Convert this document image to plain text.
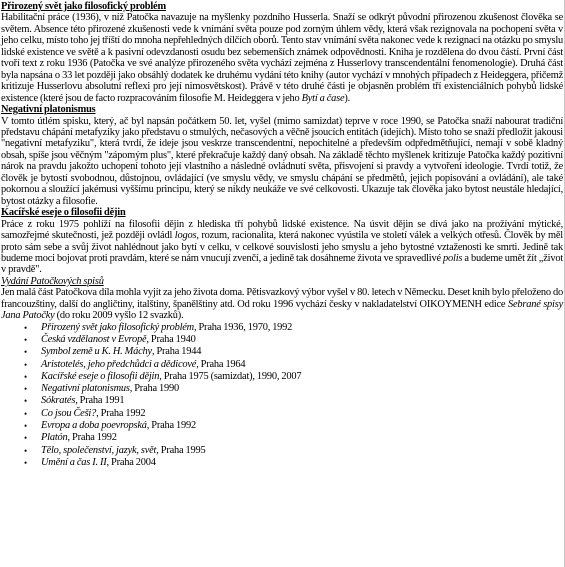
Přirozený svět jako filosofický problém

Habilitační práce (1936), v níž Patočka navazuje na myšlenky pozdního Husserla. Snaží se odkrýt původní přirozenou zkušenost člověka se světem. Absence této přirozené zkušenosti vede k vnímání světa pouze pod zorným úhlem vědy, která však rezignovala na pochopení světa v jeho celku, místo toho jej tříští do mnoha nepřehledných dílčích oborů. Tento stav vnímání světa nakonec vede k rezignaci na otázku po smyslu lidské existence ve světě a k pasivní odevzdanosti osudu bez sebemenších známek odpovědnosti. Kniha je rozdělena do dvou částí. První část tvoří text z roku 1936 (Patočka ve své analýze přirozeného světa vychází zejména z Husserlovy transcendentální fenomenologie). Druhá část byla napsána o 33 let později jako obsáhlý dodatek ke druhému vydání této knihy (autor vychází v mnohých případech z Heideggera, přičemž kritizuje Husserlovu absolutní reflexi pro její nimosvětskost). Právě v této druhé části je objasněn problém tří existenciálních pohybů lidské existence (které jsou de facto rozpracováním filosofie M. Heideggera v jeho Bytí a čase).

Negativní platonismus

V tomto útlém spisku, který, ač byl napsán počátkem 50. let, vyšel (mimo samizdat) teprve v roce 1990, se Patočka snaží nabourat tradiční představu chápání metafyziky jako představu o stmulých, nečasových a věčně jsoucích entitách (idejích). Místo toho se snaží předložit jakousi "negativní metafyziku", která tvrdí, že ideje jsou veskrze transcendentní, nepochitelné a především odpředmětňující, nemají v sobě kladný obsah, spíše jsou věčným "zápomým plus", které překračuje každý daný obsah. Na základě těchto myšlenek kritizuje Patočka každý pozitivní nárok na pravdu jakožto uchopení tohoto její vlastního a následné ovládnutí světa, přisvojení si pravdy a vytvoření ideologie. Tvrdí totiž, že člověk je bytostí svobodnou, důstojnou, ovládající (ve smyslu vědy, ve smyslu chápání se předmětů, jejich popisování a ovládání), ale také pokornou a sloužící jakémusi vyššímu principu, který se nikdy neukáže ve své celkovosti. Ukazuje tak člověka jako bytost neustále hledající, bytost otázky a filosofie.

Kacířské eseje o filosofii dějin

Práce z roku 1975 pohlíží na filosofii dějin z hlediska tří pohybů lidské existence. Na úsvit dějin se dívá jako na prožívání mýtické, samozřejmé skutečnosti, jež později ovládl logos, rozum, racionalita, která nakonec vyústila ve století válek a velkých otřesů. Člověk by měl proto sám sebe a svůj život nahlédnout jako bytí v celku, v celkové souvislosti jeho smyslu a jeho bytostné vztaženosti ke smrti. Jedině tak budeme moci bojovat proti pravdám, které se nám vnucují zvenčí, a jedině tak dosáhneme života ve spravedlivé polis a budeme umět žít „život v pravdě".

Vydání Patočkových spisů

Jen malá část Patočkova díla mohla vyjít za jeho života doma. Pětisvazkový výbor vyšel v 80. letech v Německu. Deset knih bylo přeloženo do francouzštiny, další do angličtiny, italštiny, španělštiny atd. Od roku 1996 vychází česky v nakladatelství OIKOYMENH edice Sebrané spisy Jana Patočky (do roku 2009 vyšlo 12 svazků).

• Přirozený svět jako filosofický problém, Praha 1936, 1970, 1992
• Česká vzdělanost v Evropě, Praha 1940
• Symbol země u K. H. Máchy, Praha 1944
• Aristotelés, jeho předchůdci a dědicové, Praha 1964
• Kacířské eseje o filosofii dějin, Praha 1975 (samizdat), 1990, 2007
• Negativní platonismus, Praha 1990
• Sókratés, Praha 1991
• Co jsou Češi?, Praha 1992
• Evropa a doba poevropská, Praha 1992
• Platón, Praha 1992
• Tělo, společenství, jazyk, svět, Praha 1995
• Umění a čas I. II, Praha 2004
